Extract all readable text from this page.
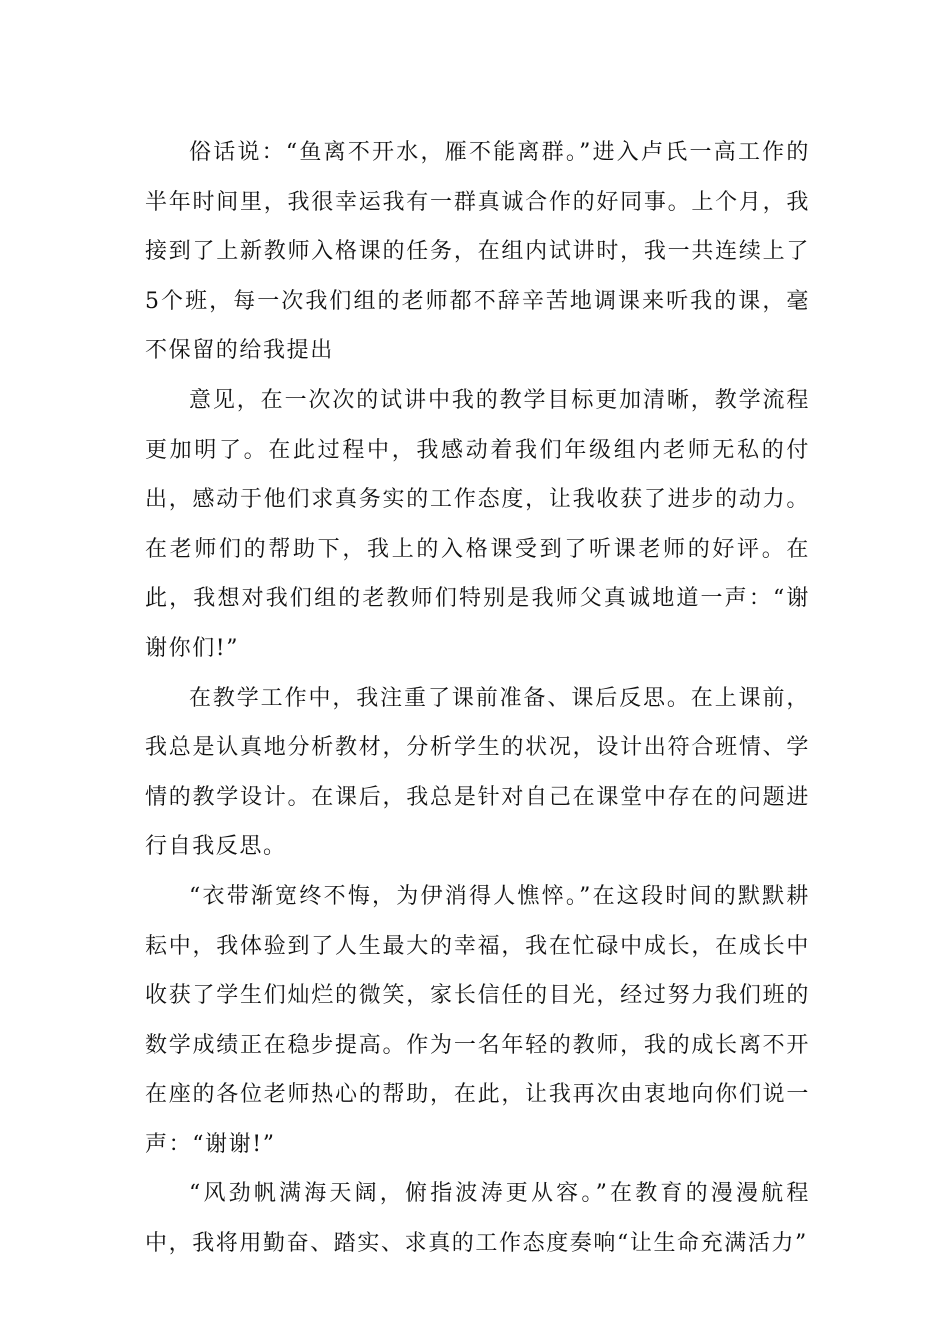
俗话说：“鱼离不开水，雁不能离群。”进入卢氏一高工作的半年时间里，我很幸运我有一群真诚合作的好同事。上个月，我接到了上新教师入格课的任务，在组内试讲时，我一共连续上了5个班，每一次我们组的老师都不辞辛苦地调课来听我的课，毫不保留的给我提出

意见，在一次次的试讲中我的教学目标更加清晰，教学流程更加明了。在此过程中，我感动着我们年级组内老师无私的付出，感动于他们求真务实的工作态度，让我收获了进步的动力。在老师们的帮助下，我上的入格课受到了听课老师的好评。在此，我想对我们组的老教师们特别是我师父真诚地道一声：“谢谢你们!”

在教学工作中，我注重了课前准备、课后反思。在上课前，我总是认真地分析教材，分析学生的状况，设计出符合班情、学情的教学设计。在课后，我总是针对自己在课堂中存在的问题进行自我反思。

“衣带渐宽终不悔，为伊消得人憔悴。”在这段时间的默默耕耘中，我体验到了人生最大的幸福，我在忙碌中成长，在成长中收获了学生们灿烂的微笑，家长信任的目光，经过努力我们班的数学成绩正在稳步提高。作为一名年轻的教师，我的成长离不开在座的各位老师热心的帮助，在此，让我再次由衷地向你们说一声：“谢谢!”

“风劲帆满海天阔，俯指波涛更从容。”在教育的漫漫航程中，我将用勤奋、踏实、求真的工作态度奏响“让生命充满活力”
